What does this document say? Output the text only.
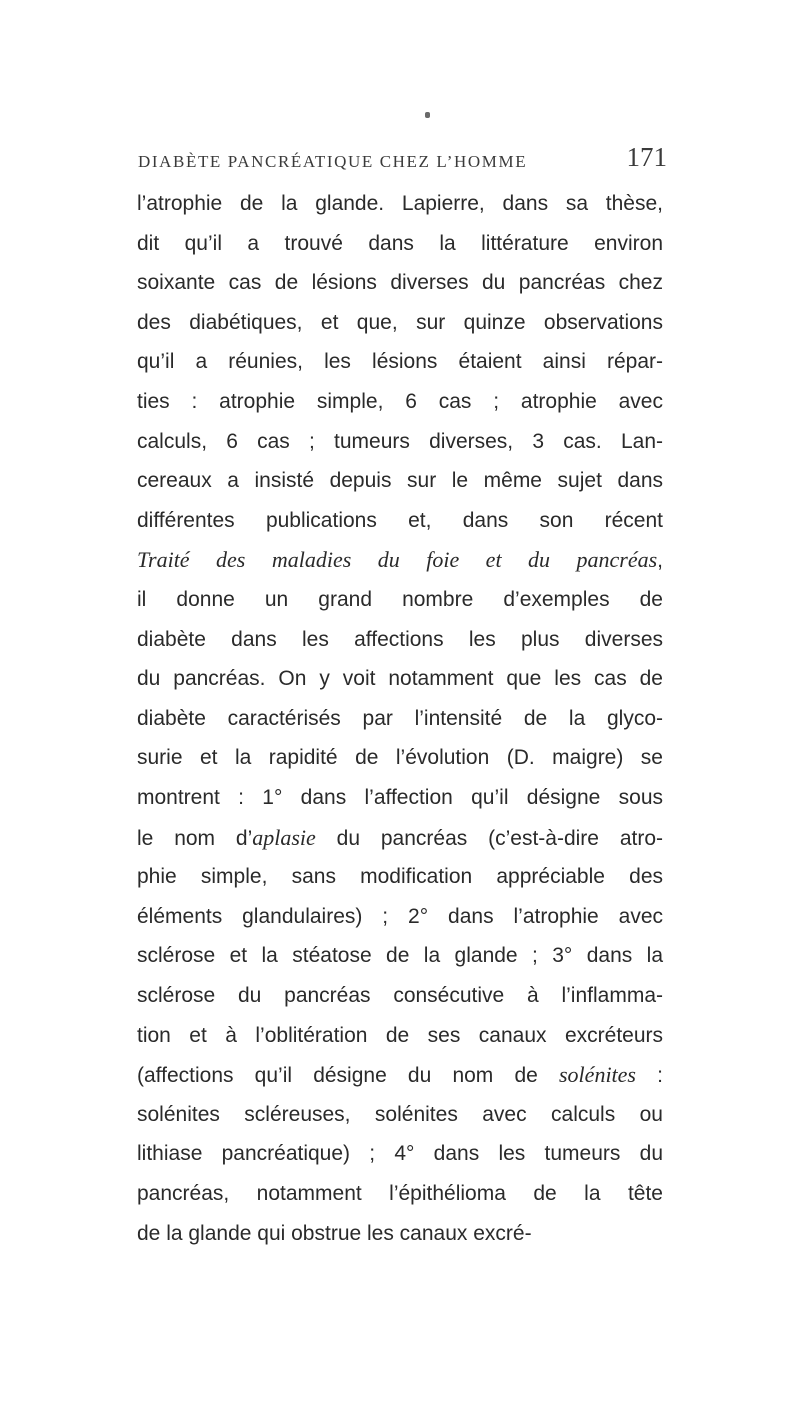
DIABÈTE PANCRÉATIQUE CHEZ L’HOMME	171
l’atrophie de la glande. Lapierre, dans sa thèse,
dit qu’il a trouvé dans la littérature environ
soixante cas de lésions diverses du pancréas chez
des diabétiques, et que, sur quinze observations
qu’il a réunies, les lésions étaient ainsi répar-
ties : atrophie simple, 6 cas ; atrophie avec
calculs, 6 cas ; tumeurs diverses, 3 cas. Lan-
cereaux a insisté depuis sur le même sujet dans
différentes publications et, dans son récent
Traité des maladies du foie et du pancréas,
il donne un grand nombre d’exemples de
diabète dans les affections les plus diverses
du pancréas. On y voit notamment que les cas de
diabète caractérisés par l’intensité de la glyco-
surie et la rapidité de l’évolution (D. maigre) se
montrent : 1° dans l’affection qu’il désigne sous
le nom d’aplasie du pancréas (c’est-à-dire atro-
phie simple, sans modification appréciable des
éléments glandulaires) ; 2° dans l’atrophie avec
sclérose et la stéatose de la glande ; 3° dans la
sclérose du pancréas consécutive à l’inflamma-
tion et à l’oblitération de ses canaux excréteurs
(affections qu’il désigne du nom de solénites :
solénites scléreuses, solénites avec calculs ou
lithiase pancréatique) ; 4° dans les tumeurs du
pancréas, notamment l’épithélioma de la tête
de la glande qui obstrue les canaux excré-
